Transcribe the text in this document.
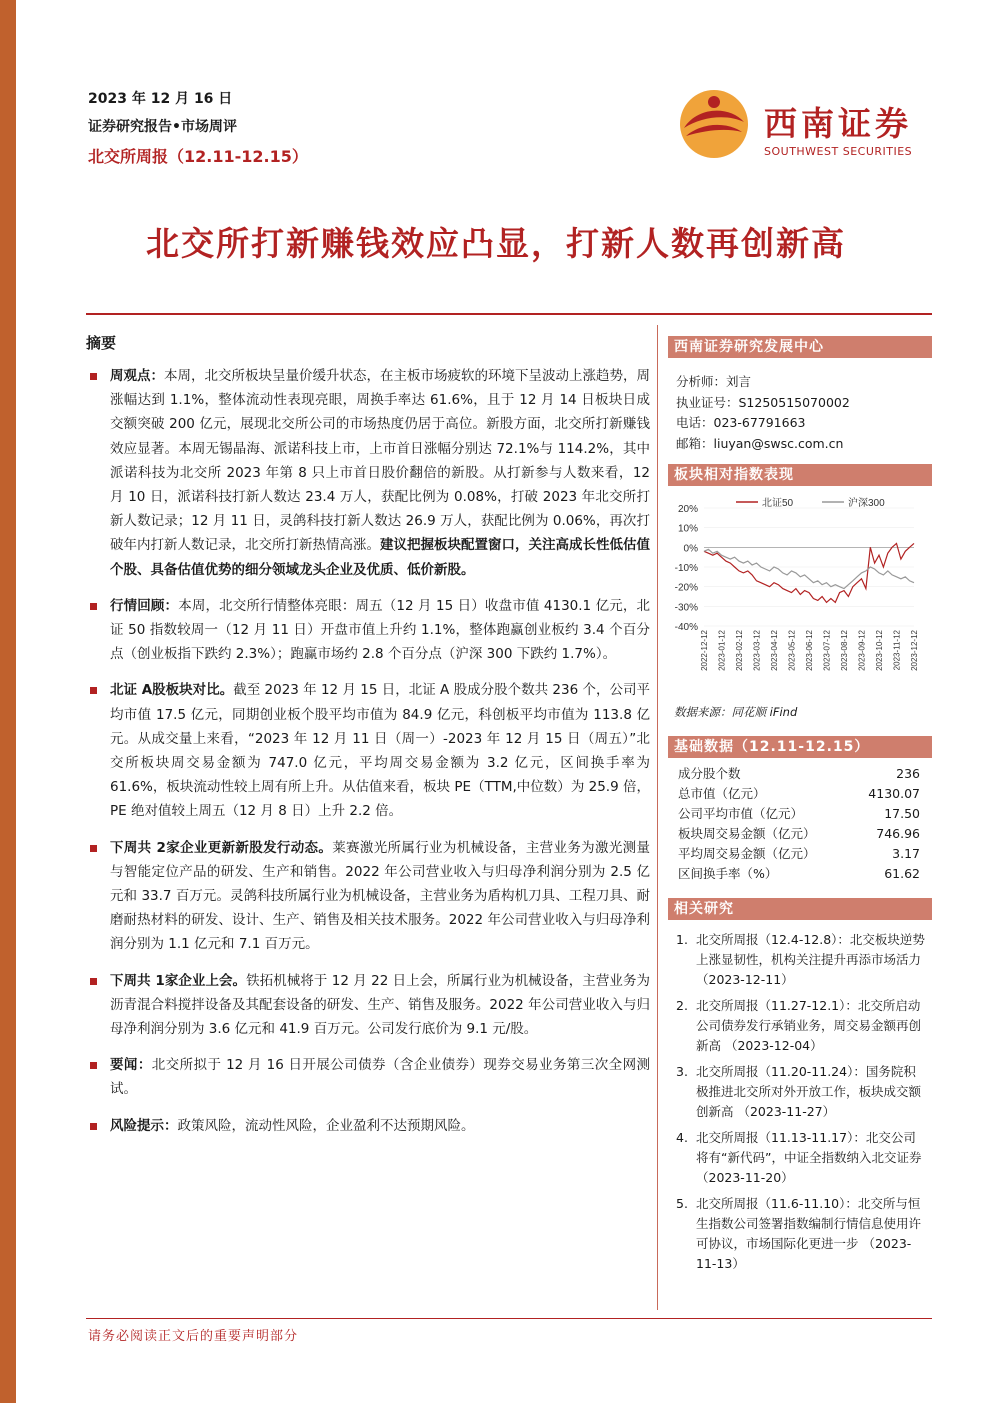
2023 年 12 月 16 日
证券研究报告•市场周评
北交所周报（12.11-12.15）
西南证券
SOUTHWEST SECURITIES
北交所打新赚钱效应凸显，打新人数再创新高
摘要
周观点：本周，北交所板块呈量价缓升状态，在主板市场疲软的环境下呈波动上涨趋势，周涨幅达到 1.1%，整体流动性表现亮眼，周换手率达 61.6%，且于 12 月 14 日板块日成交额突破 200 亿元，展现北交所公司的市场热度仍居于高位。新股方面，北交所打新赚钱效应显著。本周无锡晶海、派诺科技上市，上市首日涨幅分别达 72.1%与 114.2%，其中派诺科技为北交所 2023 年第 8 只上市首日股价翻倍的新股。从打新参与人数来看，12 月 10 日，派诺科技打新人数达 23.4 万人，获配比例为 0.08%，打破 2023 年北交所打新人数记录；12 月 11 日，灵鸽科技打新人数达 26.9 万人，获配比例为 0.06%，再次打破年内打新人数记录，北交所打新热情高涨。建议把握板块配置窗口，关注高成长性低估值个股、具备估值优势的细分领域龙头企业及优质、低价新股。
行情回顾：本周，北交所行情整体亮眼：周五（12 月 15 日）收盘市值 4130.1 亿元，北证 50 指数较周一（12 月 11 日）开盘市值上升约 1.1%，整体跑赢创业板约 3.4 个百分点（创业板指下跌约 2.3%）；跑赢市场约 2.8 个百分点（沪深 300 下跌约 1.7%）。
北证 A股板块对比。截至 2023 年 12 月 15 日，北证 A 股成分股个数共 236 个，公司平均市值 17.5 亿元，同期创业板个股平均市值为 84.9 亿元，科创板平均市值为 113.8 亿元。从成交量上来看，“2023 年 12 月 11 日（周一）-2023 年 12 月 15 日（周五）”北交所板块周交易金额为 747.0 亿元，平均周交易金额为 3.2 亿元，区间换手率为 61.6%，板块流动性较上周有所上升。从估值来看，板块 PE（TTM,中位数）为 25.9 倍，PE 绝对值较上周五（12 月 8 日）上升 2.2 倍。
下周共 2家企业更新新股发行动态。莱赛激光所属行业为机械设备，主营业务为激光测量与智能定位产品的研发、生产和销售。2022 年公司营业收入与归母净利润分别为 2.5 亿元和 33.7 百万元。灵鸽科技所属行业为机械设备，主营业务为盾构机刀具、工程刀具、耐磨耐热材料的研发、设计、生产、销售及相关技术服务。2022 年公司营业收入与归母净利润分别为 1.1 亿元和 7.1 百万元。
下周共 1家企业上会。铁拓机械将于 12 月 22 日上会，所属行业为机械设备，主营业务为沥青混合料搅拌设备及其配套设备的研发、生产、销售及服务。2022 年公司营业收入与归母净利润分别为 3.6 亿元和 41.9 百万元。公司发行底价为 9.1 元/股。
要闻：北交所拟于 12 月 16 日开展公司债券（含企业债券）现券交易业务第三次全网测试。
风险提示：政策风险，流动性风险，企业盈利不达预期风险。
西南证券研究发展中心
分析师：刘言
执业证号：S1250515070002
电话：023-67791663
邮箱：liuyan@swsc.com.cn
板块相对指数表现
20%
10%
0%
-10%
-20%
-30%
-40%
2022-12-12 2023-01-12 2023-02-12 2023-03-12 2023-04-12 2023-05-12 2023-06-12 2023-07-12 2023-08-12 2023-09-12 2023-10-12 2023-11-12 2023-12-12
北证50	沪深300
数据来源：同花顺 iFind
基础数据（12.11-12.15）
成分股个数	236
总市值（亿元）	4130.07
公司平均市值（亿元）	17.50
板块周交易金额（亿元）	746.96
平均周交易金额（亿元）	3.17
区间换手率（%）	61.62
相关研究
1. 北交所周报（12.4-12.8）：北交板块逆势上涨显韧性，机构关注提升再添市场活力 （2023-12-11）
2. 北交所周报（11.27-12.1）：北交所启动公司债券发行承销业务，周交易金额再创新高 （2023-12-04）
3. 北交所周报（11.20-11.24）：国务院积极推进北交所对外开放工作，板块成交额创新高 （2023-11-27）
4. 北交所周报（11.13-11.17）：北交公司将有“新代码”，中证全指数纳入北交证券 （2023-11-20）
5. 北交所周报（11.6-11.10）：北交所与恒生指数公司签署指数编制行情信息使用许可协议，市场国际化更进一步 （2023-11-13）
请务必阅读正文后的重要声明部分
